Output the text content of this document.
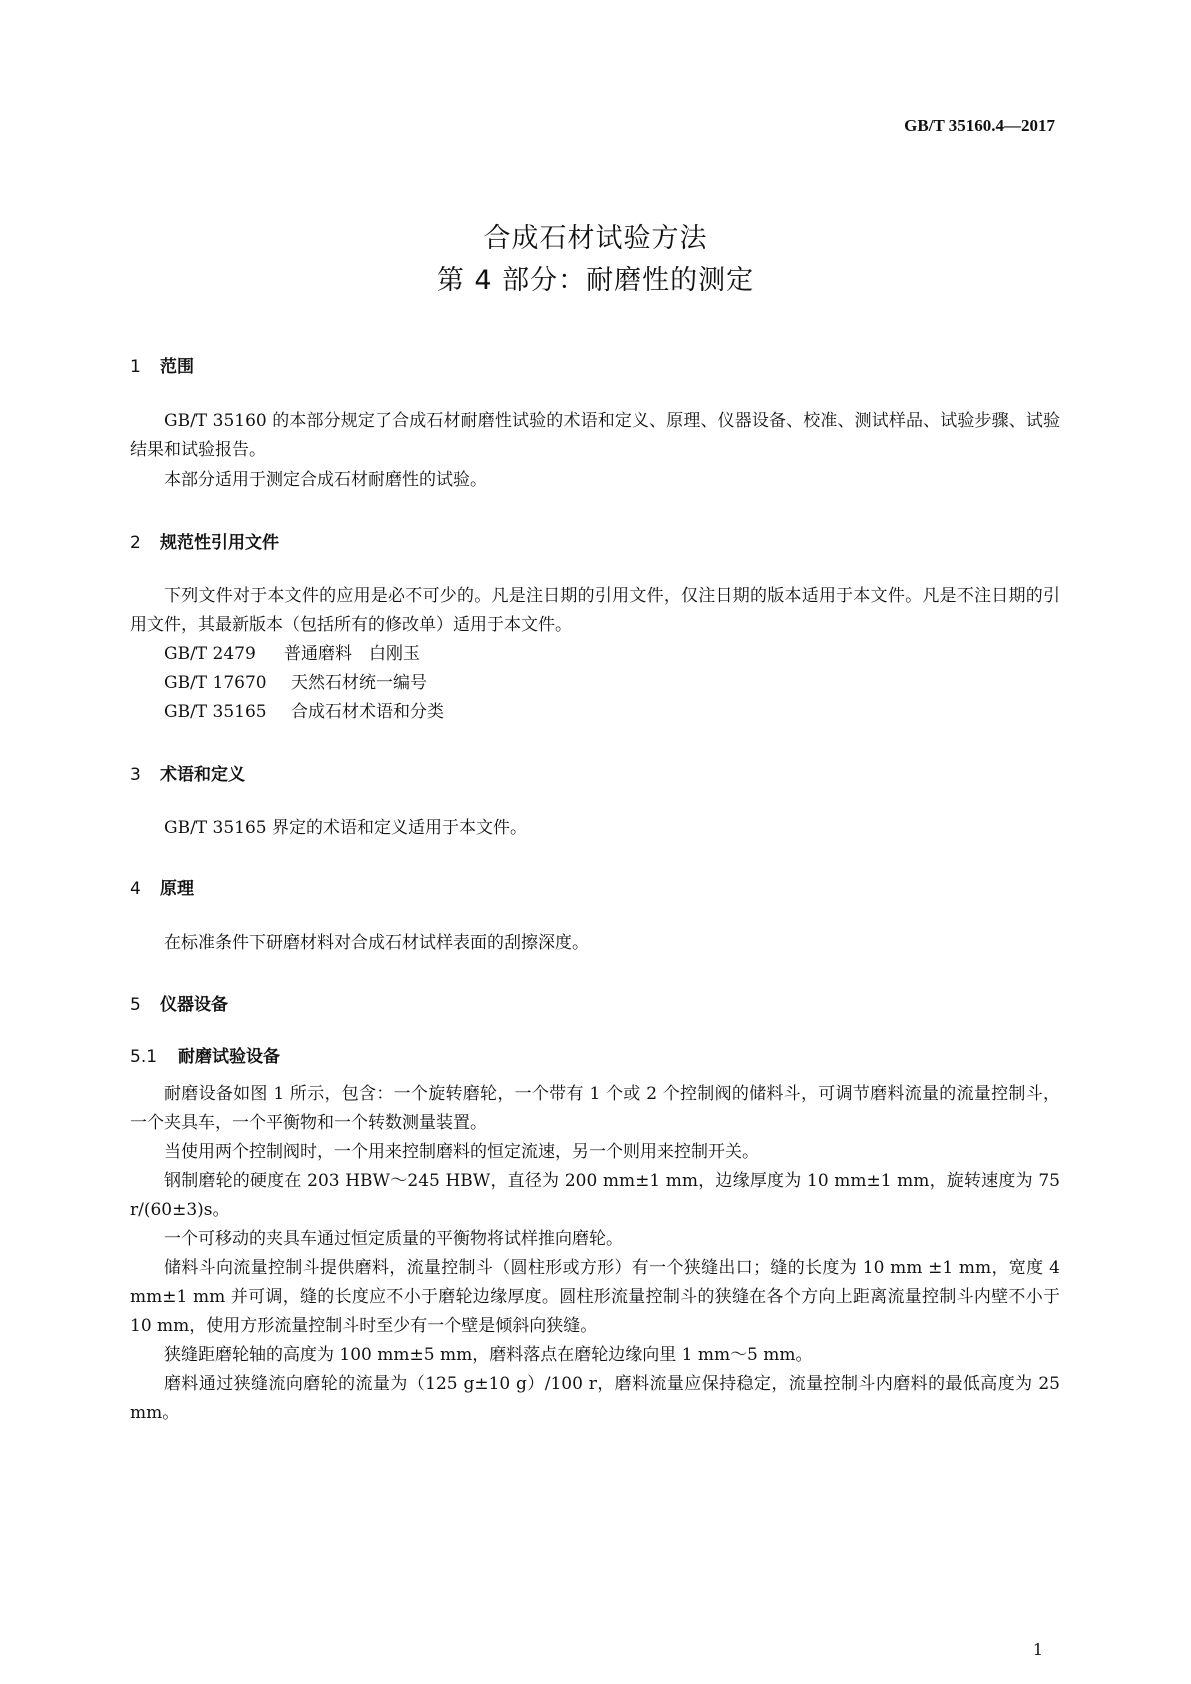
GB/T 35160.4—2017
合成石材试验方法
第 4 部分：耐磨性的测定
1 范围
GB/T 35160 的本部分规定了合成石材耐磨性试验的术语和定义、原理、仪器设备、校准、测试样品、试验步骤、试验结果和试验报告。
本部分适用于测定合成石材耐磨性的试验。
2 规范性引用文件
下列文件对于本文件的应用是必不可少的。凡是注日期的引用文件，仅注日期的版本适用于本文件。凡是不注日期的引用文件，其最新版本（包括所有的修改单）适用于本文件。
GB/T 2479 普通磨料　白刚玉
GB/T 17670 天然石材统一编号
GB/T 35165 合成石材术语和分类
3 术语和定义
GB/T 35165 界定的术语和定义适用于本文件。
4 原理
在标准条件下研磨材料对合成石材试样表面的刮擦深度。
5 仪器设备
5.1 耐磨试验设备
耐磨设备如图 1 所示，包含：一个旋转磨轮，一个带有 1 个或 2 个控制阀的储料斗，可调节磨料流量的流量控制斗，一个夹具车，一个平衡物和一个转数测量装置。
当使用两个控制阀时，一个用来控制磨料的恒定流速，另一个则用来控制开关。
钢制磨轮的硬度在 203 HBW～245 HBW，直径为 200 mm±1 mm，边缘厚度为 10 mm±1 mm，旋转速度为 75 r/(60±3)s。
一个可移动的夹具车通过恒定质量的平衡物将试样推向磨轮。
储料斗向流量控制斗提供磨料，流量控制斗（圆柱形或方形）有一个狭缝出口；缝的长度为 10 mm ±1 mm，宽度 4 mm±1 mm 并可调，缝的长度应不小于磨轮边缘厚度。圆柱形流量控制斗的狭缝在各个方向上距离流量控制斗内壁不小于 10 mm，使用方形流量控制斗时至少有一个壁是倾斜向狭缝。
狭缝距磨轮轴的高度为 100 mm±5 mm，磨料落点在磨轮边缘向里 1 mm～5 mm。
磨料通过狭缝流向磨轮的流量为（125 g±10 g）/100 r，磨料流量应保持稳定，流量控制斗内磨料的最低高度为 25 mm。
1
